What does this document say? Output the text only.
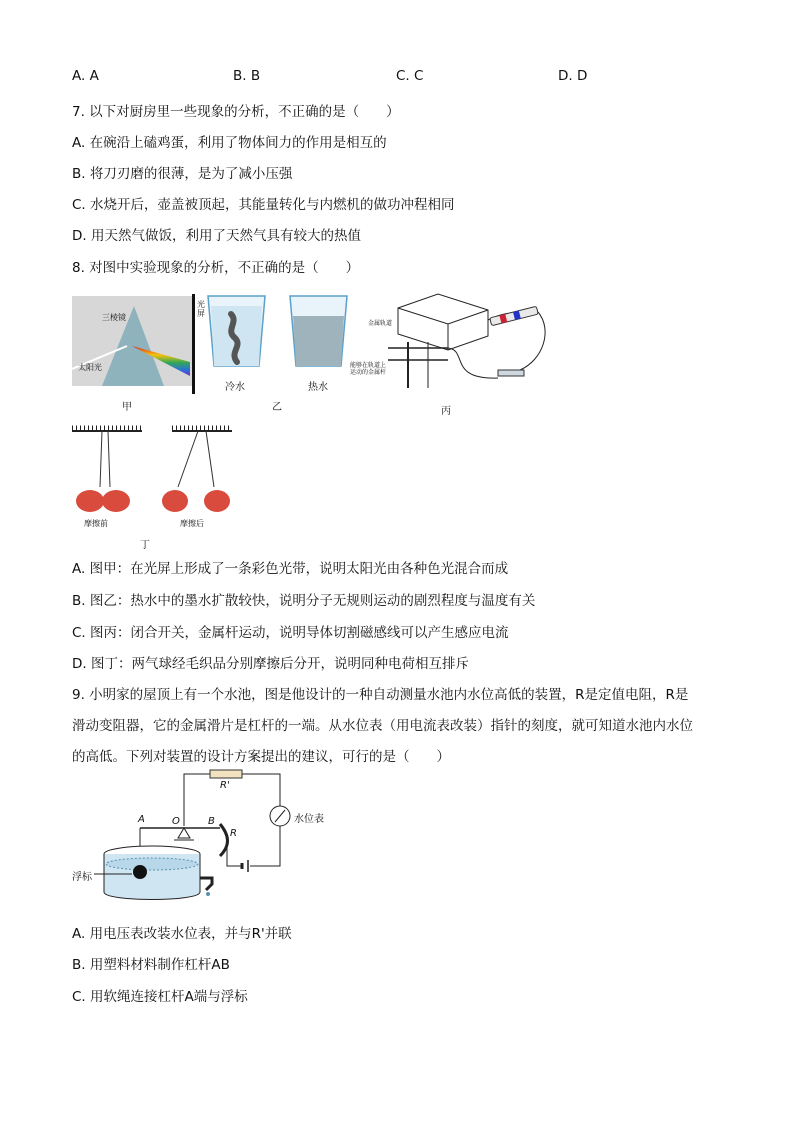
A. A	B. B	C. C	D. D
7. 以下对厨房里一些现象的分析，不正确的是（　　）
A. 在碗沿上磕鸡蛋，利用了物体间力的作用是相互的
B. 将刀刃磨的很薄，是为了减小压强
C. 水烧开后，壶盖被顶起，其能量转化与内燃机的做功冲程相同
D. 用天然气做饭，利用了天然气具有较大的热值
8. 对图中实验现象的分析，不正确的是（　　）
三棱镜
太阳光
光屏
甲
冷水	热水
乙
金属轨道
能够在轨道上运动的金属杆
丙
摩擦前	摩擦后
丁
A. 图甲：在光屏上形成了一条彩色光带，说明太阳光由各种色光混合而成
B. 图乙：热水中的墨水扩散较快，说明分子无规则运动的剧烈程度与温度有关
C. 图丙：闭合开关，金属杆运动，说明导体切割磁感线可以产生感应电流
D. 图丁：两气球经毛织品分别摩擦后分开，说明同种电荷相互排斥
9. 小明家的屋顶上有一个水池，图是他设计的一种自动测量水池内水位高低的装置，R是定值电阻，R是
滑动变阻器，它的金属滑片是杠杆的一端。从水位表（用电流表改装）指针的刻度，就可知道水池内水位
的高低。下列对装置的设计方案提出的建议，可行的是（　　）
R'
R
A	O	B	水位表
浮标
A. 用电压表改装水位表，并与R'并联
B. 用塑料材料制作杠杆AB
C. 用软绳连接杠杆A端与浮标
